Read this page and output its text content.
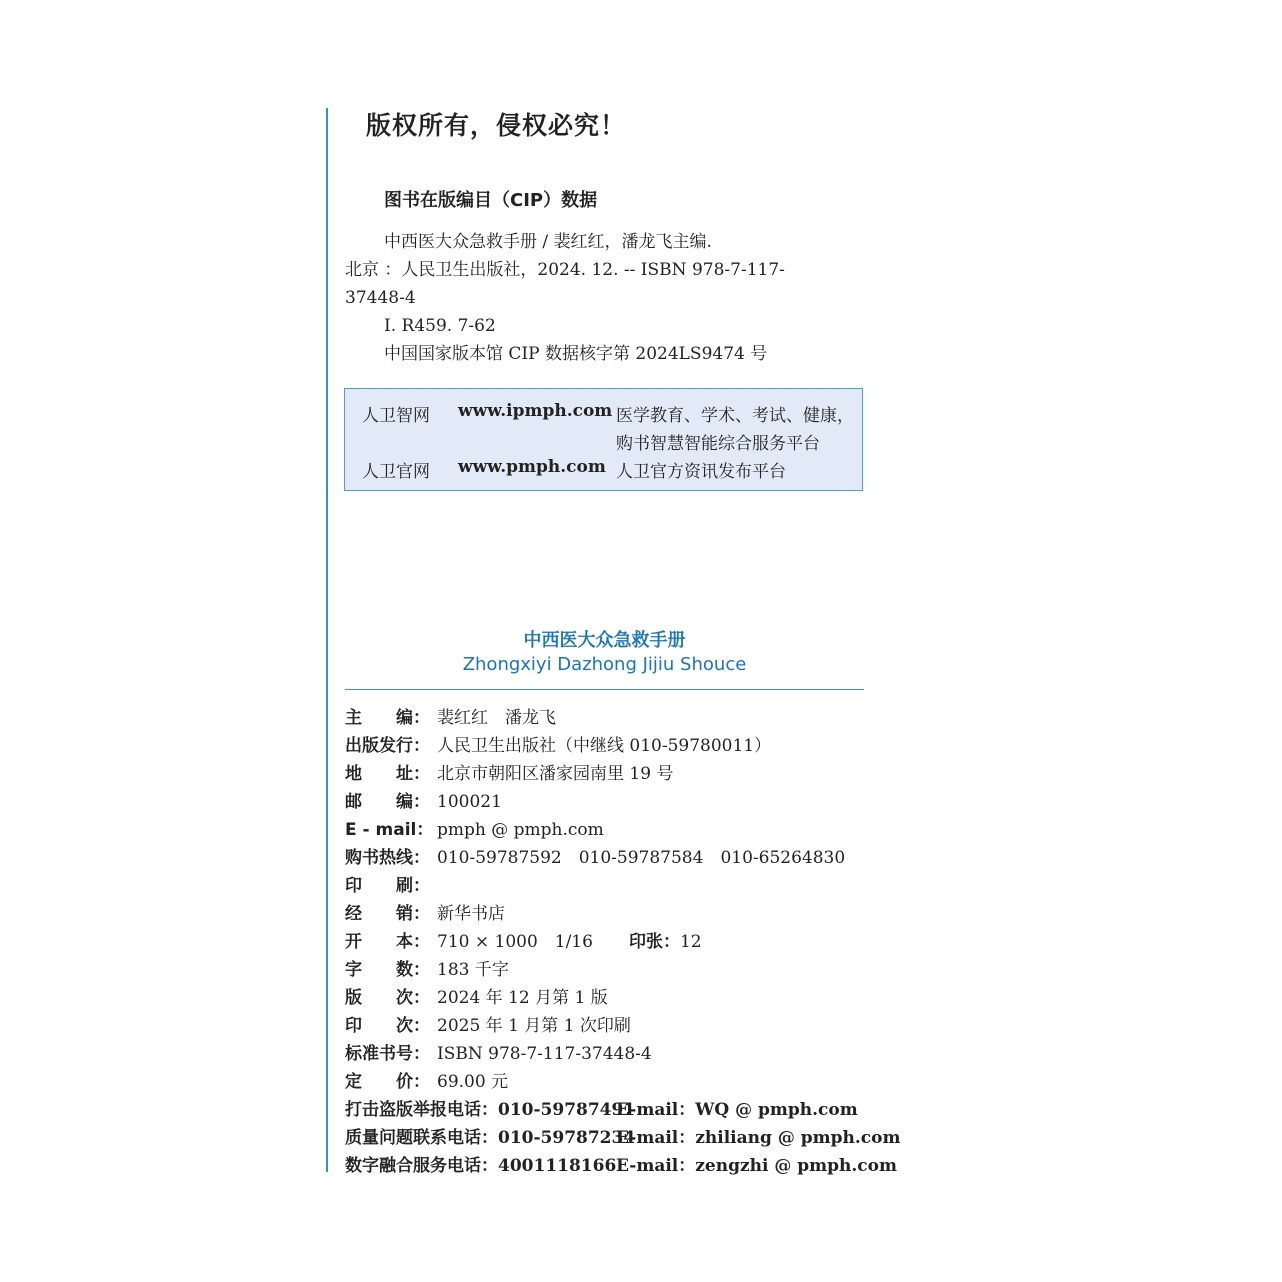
版权所有，侵权必究！
图书在版编目（CIP）数据
中西医大众急救手册 / 裴红红，潘龙飞主编.
北京 ：人民卫生出版社，2024. 12. -- ISBN 978-7-117-
37448-4
Ⅰ. R459. 7-62
中国国家版本馆 CIP 数据核字第 2024LS9474 号
人卫智网 www.ipmph.com 医学教育、学术、考试、健康，
购书智慧智能综合服务平台
人卫官网 www.pmph.com 人卫官方资讯发布平台
中西医大众急救手册
Zhongxiyi Dazhong Jijiu Shouce
主　　编： 裴红红　潘龙飞
出版发行： 人民卫生出版社（中继线 010-59780011）
地　　址： 北京市朝阳区潘家园南里 19 号
邮　　编： 100021
E - mail： pmph @ pmph.com
购书热线： 010-59787592　010-59787584　010-65264830
印　　刷：
经　　销： 新华书店
开　　本： 710 × 1000　1/16 印张：12
字　　数： 183 千字
版　　次： 2024 年 12 月第 1 版
印　　次： 2025 年 1 月第 1 次印刷
标准书号： ISBN 978-7-117-37448-4
定　　价： 69.00 元
打击盗版举报电话：010-59787491E-mail：WQ @ pmph.com
质量问题联系电话：010-59787234E-mail：zhiliang @ pmph.com
数字融合服务电话：4001118166E-mail：zengzhi @ pmph.com
